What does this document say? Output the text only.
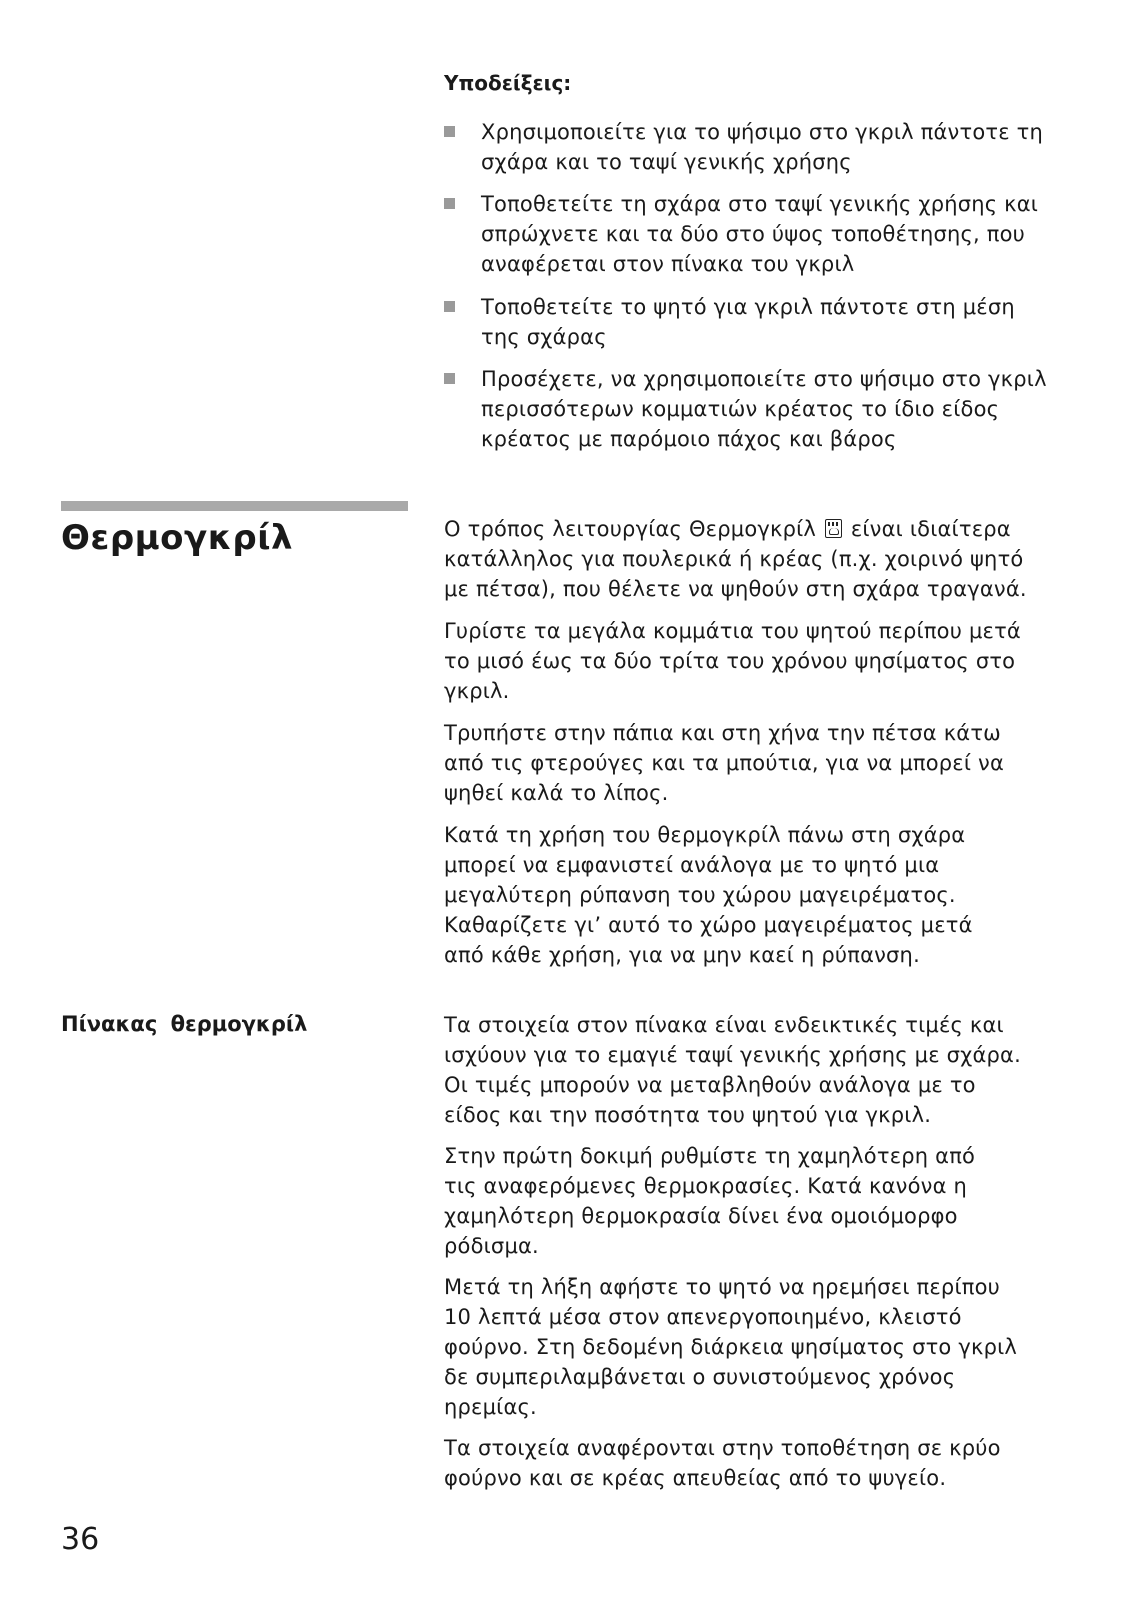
Υποδείξεις:

Χρησιμοποιείτε για το ψήσιμο στο γκριλ πάντοτε τη

σχάρα και το ταψί γενικής χρήσης

Τοποθετείτε τη σχάρα στο ταψί γενικής χρήσης και

σπρώχνετε και τα δύο στο ύψος τοποθέτησης, που

αναφέρεται στον πίνακα του γκριλ

Τοποθετείτε το ψητό για γκριλ πάντοτε στη μέση

της σχάρας

Προσέχετε, να χρησιμοποιείτε στο ψήσιμο στο γκριλ

περισσότερων κομματιών κρέατος το ίδιο είδος

κρέατος με παρόμοιο πάχος και βάρος

Θερμογκρίλ	Ο τρόπος λειτουργίας Θερμογκρίλ είναι ιδιαίτερα

κατάλληλος για πουλερικά ή κρέας (π.χ. χοιρινό ψητό

με πέτσα), που θέλετε να ψηθούν στη σχάρα τραγανά.

Γυρίστε τα μεγάλα κομμάτια του ψητού περίπου μετά

το μισό έως τα δύο τρίτα του χρόνου ψησίματος στο

γκριλ.

Τρυπήστε στην πάπια και στη χήνα την πέτσα κάτω

από τις φτερούγες και τα μπούτια, για να μπορεί να

ψηθεί καλά το λίπος.

Κατά τη χρήση του θερμογκρίλ πάνω στη σχάρα

μπορεί να εμφανιστεί ανάλογα με το ψητό μια

μεγαλύτερη ρύπανση του χώρου μαγειρέματος.

Καθαρίζετε γι’ αυτό το χώρο μαγειρέματος μετά

από κάθε χρήση, για να μην καεί η ρύπανση.

Πίνακας θερμογκρίλ	Τα στοιχεία στον πίνακα είναι ενδεικτικές τιμές και

ισχύουν για το εμαγιέ ταψί γενικής χρήσης με σχάρα.

Οι τιμές μπορούν να μεταβληθούν ανάλογα με το

είδος και την ποσότητα του ψητού για γκριλ.

Στην πρώτη δοκιμή ρυθμίστε τη χαμηλότερη από

τις αναφερόμενες θερμοκρασίες. Κατά κανόνα η

χαμηλότερη θερμοκρασία δίνει ένα ομοιόμορφο

ρόδισμα.

Μετά τη λήξη αφήστε το ψητό να ηρεμήσει περίπου

10 λεπτά μέσα στον απενεργοποιημένο, κλειστό

φούρνο. Στη δεδομένη διάρκεια ψησίματος στο γκριλ

δε συμπεριλαμβάνεται ο συνιστούμενος χρόνος

ηρεμίας.

Τα στοιχεία αναφέρονται στην τοποθέτηση σε κρύο

φούρνο και σε κρέας απευθείας από το ψυγείο.

36
